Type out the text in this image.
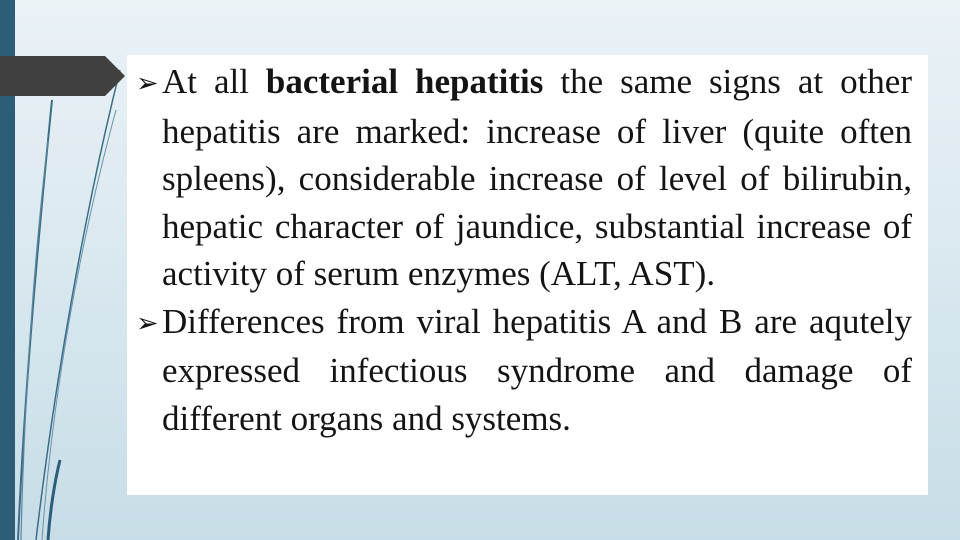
➢At all bacterial hepatitis the same signs at other hepatitis are marked: increase of liver (quite often spleens), considerable increase of level of bilirubin, hepatic character of jaundice, substantial increase of activity of serum enzymes (ALT, AST).

➢Differences from viral hepatitis A and B are aqutely expressed infectious syndrome and damage of different organs and systems.
